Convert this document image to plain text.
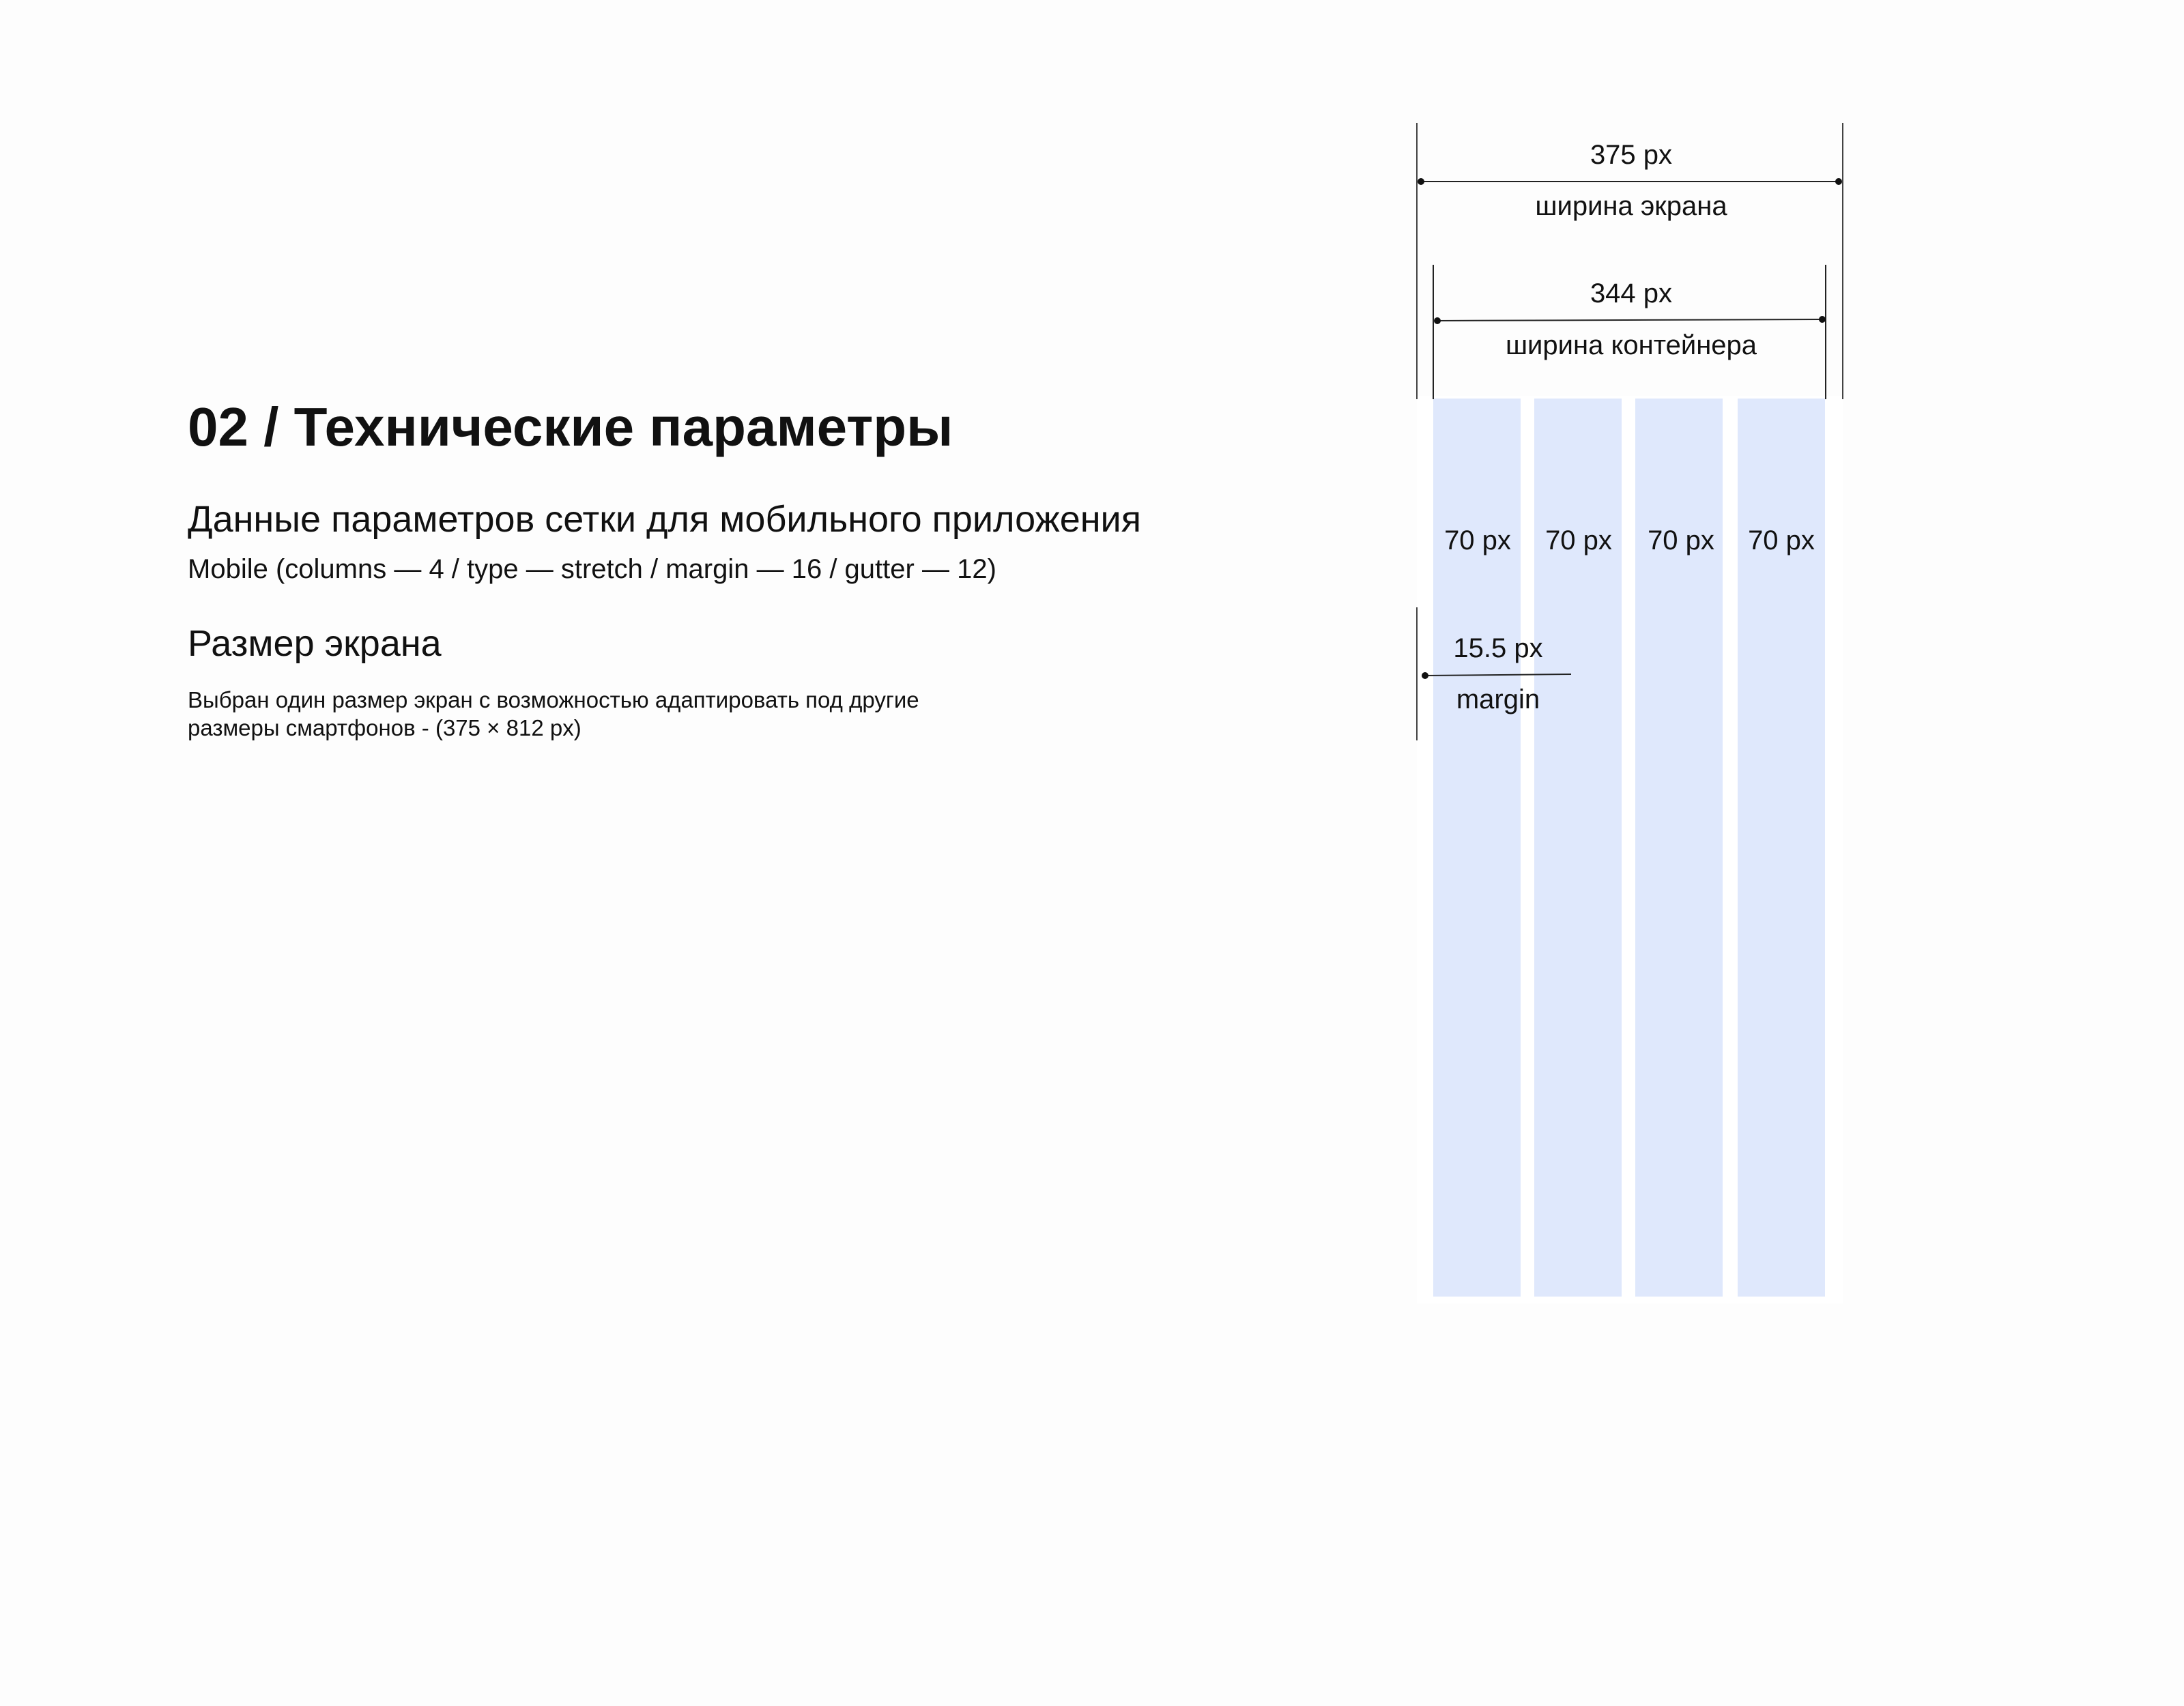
02 / Технические параметры
Данные параметров сетки для мобильного приложения
Mobile (columns — 4 / type — stretch / margin — 16 / gutter — 12)
Размер экрана
Выбран один размер экран с возможностью адаптировать под другие
размеры смартфонов - (375 × 812 px)
70 px	70 px	70 px	70 px
375 px
ширина экрана
344 px
ширина контейнера
15.5 px
margin
